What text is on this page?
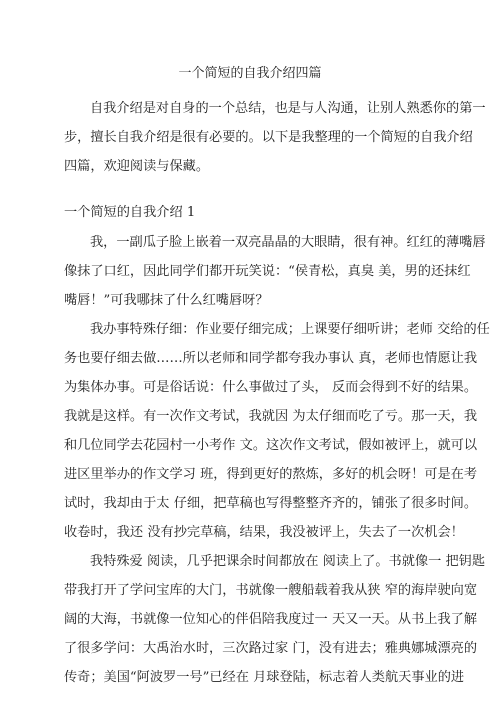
一个简短的自我介绍四篇
自我介绍是对自身的一个总结，也是与人沟通，让别人熟悉你的第一
步，擅长自我介绍是很有必要的。以下是我整理的一个简短的自我介绍
四篇，欢迎阅读与保藏。
一个简短的自我介绍 1
我，一副瓜子脸上嵌着一双亮晶晶的大眼睛，很有神。红红的薄嘴唇
像抹了口红，因此同学们都开玩笑说：“侯青松，真臭 美，男的还抹红
嘴唇！”可我哪抹了什么红嘴唇呀？
我办事特殊仔细：作业要仔细完成；上课要仔细听讲；老师 交给的任
务也要仔细去做……所以老师和同学都夸我办事认 真，老师也情愿让我
为集体办事。可是俗话说：什么事做过了头， 反而会得到不好的结果。
我就是这样。有一次作文考试，我就因 为太仔细而吃了亏。那一天，我
和几位同学去花园村一小考作 文。这次作文考试，假如被评上，就可以
进区里举办的作文学习 班，得到更好的熬炼，多好的机会呀！可是在考
试时，我却由于太 仔细，把草稿也写得整整齐齐的，铺张了很多时间。
收卷时，我还 没有抄完草稿，结果，我没被评上，失去了一次机会！
我特殊爱 阅读，几乎把课余时间都放在 阅读上了。书就像一 把钥匙
带我打开了学问宝库的大门，书就像一艘船载着我从狭 窄的海岸驶向宽
阔的大海，书就像一位知心的伴侣陪我度过一 天又一天。从书上我了解
了很多学问：大禹治水时，三次路过家 门，没有进去；雅典娜城漂亮的
传奇；美国“阿波罗一号”已经在 月球登陆，标志着人类航天事业的进
